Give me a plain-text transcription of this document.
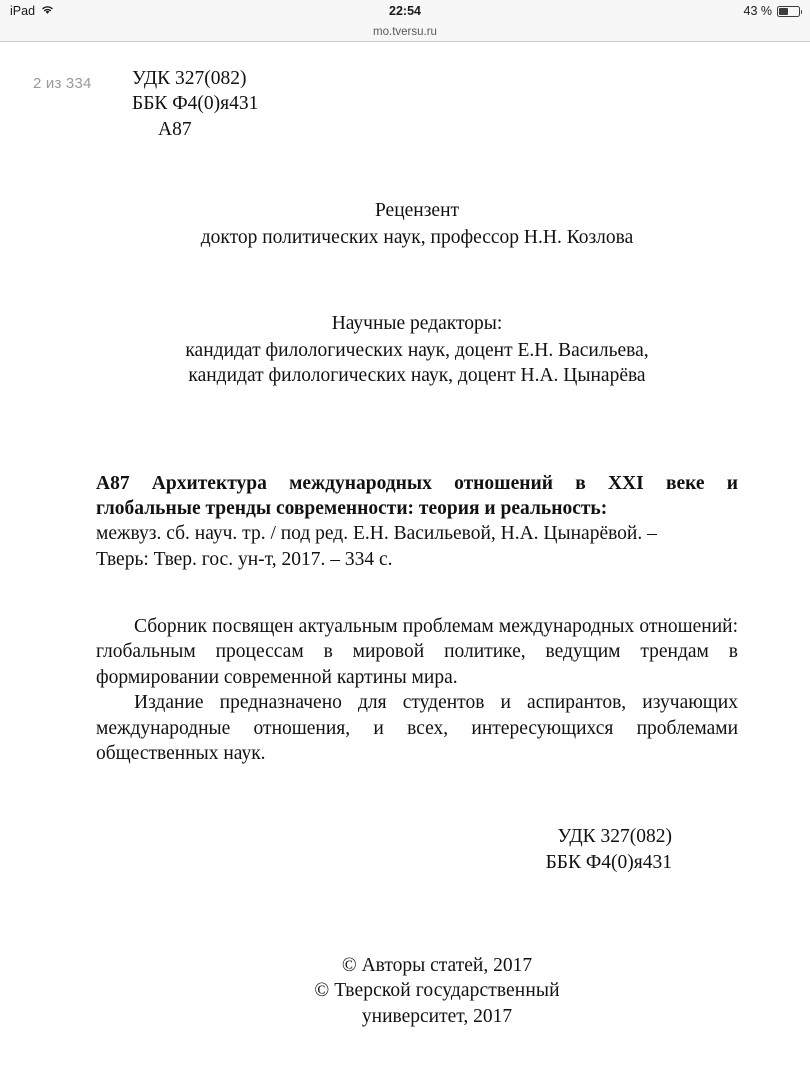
iPad	22:54	43 %
mo.tversu.ru
2 из 334 УДК 327(082)
ББК Ф4(0)я431
А87
Рецензент
доктор политических наук, профессор Н.Н. Козлова
Научные редакторы:
кандидат филологических наук, доцент Е.Н. Васильева,
кандидат филологических наук, доцент Н.А. Цынарёва
А87 Архитектура международных отношений в XXI веке и
глобальные тренды современности: теория и реальность:
межвуз. сб. науч. тр. / под ред. Е.Н. Васильевой, Н.А. Цынарёвой. –
Тверь: Твер. гос. ун-т, 2017. – 334 с.

Сборник посвящен актуальным проблемам международных отношений: глобальным процессам в мировой политике, ведущим трендам в формировании современной картины мира.

Издание предназначено для студентов и аспирантов, изучающих международные отношения, и всех, интересующихся проблемами общественных наук.

УДК 327(082)
ББК Ф4(0)я431
© Авторы статей, 2017
© Тверской государственный
университет, 2017
